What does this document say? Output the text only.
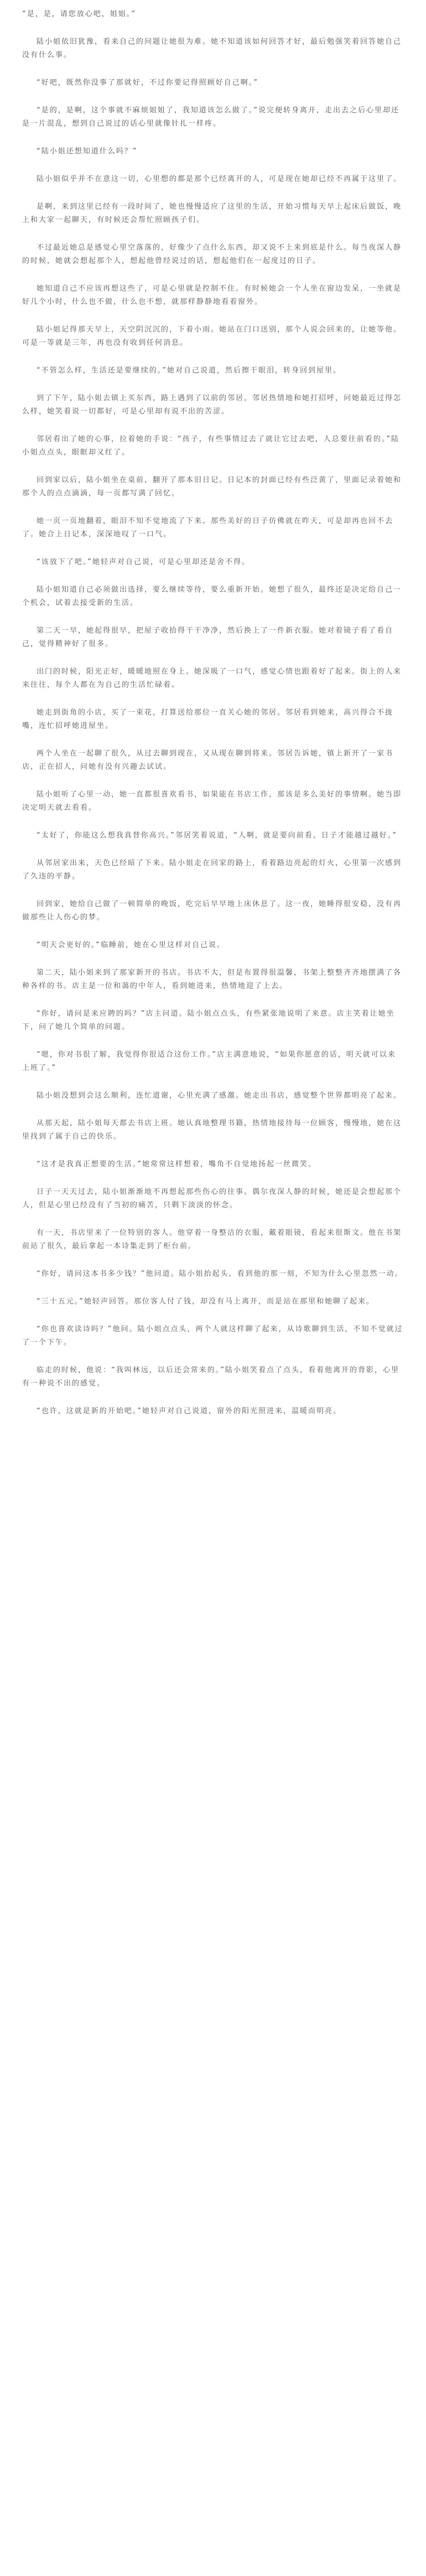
“是，是，请您放心吧，姐姐。”

陆小姐依旧犹豫，看来自己的问题让她很为难。她不知道该如何回答才好，最后勉强笑着回答她自己没有什么事。

“好吧，既然你没事了那就好，不过你要记得照顾好自己啊。”

“是的，是啊，这个事就不麻烦姐姐了，我知道该怎么做了。”说完便转身离开，走出去之后心里却还是一片混乱，想到自己说过的话心里就像针扎一样疼。

“陆小姐还想知道什么吗？”

陆小姐似乎并不在意这一切，心里想的都是那个已经离开的人，可是现在她却已经不再属于这里了。

是啊，来到这里已经有一段时间了，她也慢慢适应了这里的生活，开始习惯每天早上起床后做饭，晚上和大家一起聊天，有时候还会帮忙照顾孩子们。

不过最近她总是感觉心里空落落的，好像少了点什么东西，却又说不上来到底是什么。每当夜深人静的时候，她就会想起那个人，想起他曾经说过的话，想起他们在一起度过的日子。

她知道自己不应该再想这些了，可是心里就是控制不住。有时候她会一个人坐在窗边发呆，一坐就是好几个小时，什么也不做，什么也不想，就那样静静地看着窗外。

陆小姐记得那天早上，天空阴沉沉的，下着小雨。她站在门口送别，那个人说会回来的，让她等他。可是一等就是三年，再也没有收到任何消息。

“不管怎么样，生活还是要继续的。”她对自己说道，然后擦干眼泪，转身回到屋里。

到了下午，陆小姐去镇上买东西，路上遇到了以前的邻居。邻居热情地和她打招呼，问她最近过得怎么样，她笑着说一切都好，可是心里却有说不出的苦涩。

邻居看出了她的心事，拉着她的手说：“孩子，有些事情过去了就让它过去吧，人总要往前看的。”陆小姐点点头，眼眶却又红了。

回到家以后，陆小姐坐在桌前，翻开了那本旧日记。日记本的封面已经有些泛黄了，里面记录着她和那个人的点点滴滴，每一页都写满了回忆。

她一页一页地翻着，眼泪不知不觉地流了下来。那些美好的日子仿佛就在昨天，可是却再也回不去了。她合上日记本，深深地叹了一口气。

“该放下了吧。”她轻声对自己说，可是心里却还是舍不得。

陆小姐知道自己必须做出选择，要么继续等待，要么重新开始。她想了很久，最终还是决定给自己一个机会，试着去接受新的生活。

第二天一早，她起得很早，把屋子收拾得干干净净，然后换上了一件新衣服。她对着镜子看了看自己，觉得精神好了很多。

出门的时候，阳光正好，暖暖地照在身上。她深吸了一口气，感觉心情也跟着好了起来。街上的人来来往往，每个人都在为自己的生活忙碌着。

她走到街角的小店，买了一束花，打算送给那位一直关心她的邻居。邻居看到她来，高兴得合不拢嘴，连忙招呼她进屋坐。

两个人坐在一起聊了很久，从过去聊到现在，又从现在聊到将来。邻居告诉她，镇上新开了一家书店，正在招人，问她有没有兴趣去试试。

陆小姐听了心里一动，她一直都很喜欢看书，如果能在书店工作，那该是多么美好的事情啊。她当即决定明天就去看看。

“太好了，你能这么想我真替你高兴。”邻居笑着说道，“人啊，就是要向前看，日子才能越过越好。”

从邻居家出来，天色已经暗了下来。陆小姐走在回家的路上，看着路边亮起的灯火，心里第一次感到了久违的平静。

回到家，她给自己做了一顿简单的晚饭，吃完后早早地上床休息了。这一夜，她睡得很安稳，没有再做那些让人伤心的梦。

“明天会更好的。”临睡前，她在心里这样对自己说。

第二天，陆小姐来到了那家新开的书店。书店不大，但是布置得很温馨，书架上整整齐齐地摆满了各种各样的书。店主是一位和蔼的中年人，看到她进来，热情地迎了上去。

“你好，请问是来应聘的吗？”店主问道。陆小姐点点头，有些紧张地说明了来意。店主笑着让她坐下，问了她几个简单的问题。

“嗯，你对书很了解，我觉得你很适合这份工作。”店主满意地说，“如果你愿意的话，明天就可以来上班了。”

陆小姐没想到会这么顺利，连忙道谢，心里充满了感激。她走出书店，感觉整个世界都明亮了起来。

从那天起，陆小姐每天都去书店上班。她认真地整理书籍，热情地接待每一位顾客，慢慢地，她在这里找到了属于自己的快乐。

“这才是我真正想要的生活。”她常常这样想着，嘴角不自觉地扬起一丝微笑。

日子一天天过去，陆小姐渐渐地不再想起那些伤心的往事。偶尔夜深人静的时候，她还是会想起那个人，但是心里已经没有了当初的痛苦，只剩下淡淡的怀念。

有一天，书店里来了一位特别的客人。他穿着一身整洁的衣服，戴着眼镜，看起来很斯文。他在书架前站了很久，最后拿起一本诗集走到了柜台前。

“你好，请问这本书多少钱？”他问道。陆小姐抬起头，看到他的那一刻，不知为什么心里忽然一动。

“三十五元。”她轻声回答。那位客人付了钱，却没有马上离开，而是站在那里和她聊了起来。

“你也喜欢读诗吗？”他问。陆小姐点点头，两个人就这样聊了起来，从诗歌聊到生活，不知不觉就过了一个下午。

临走的时候，他说：“我叫林远，以后还会常来的。”陆小姐笑着点了点头，看着他离开的背影，心里有一种说不出的感觉。

“也许，这就是新的开始吧。”她轻声对自己说道，窗外的阳光照进来，温暖而明亮。
